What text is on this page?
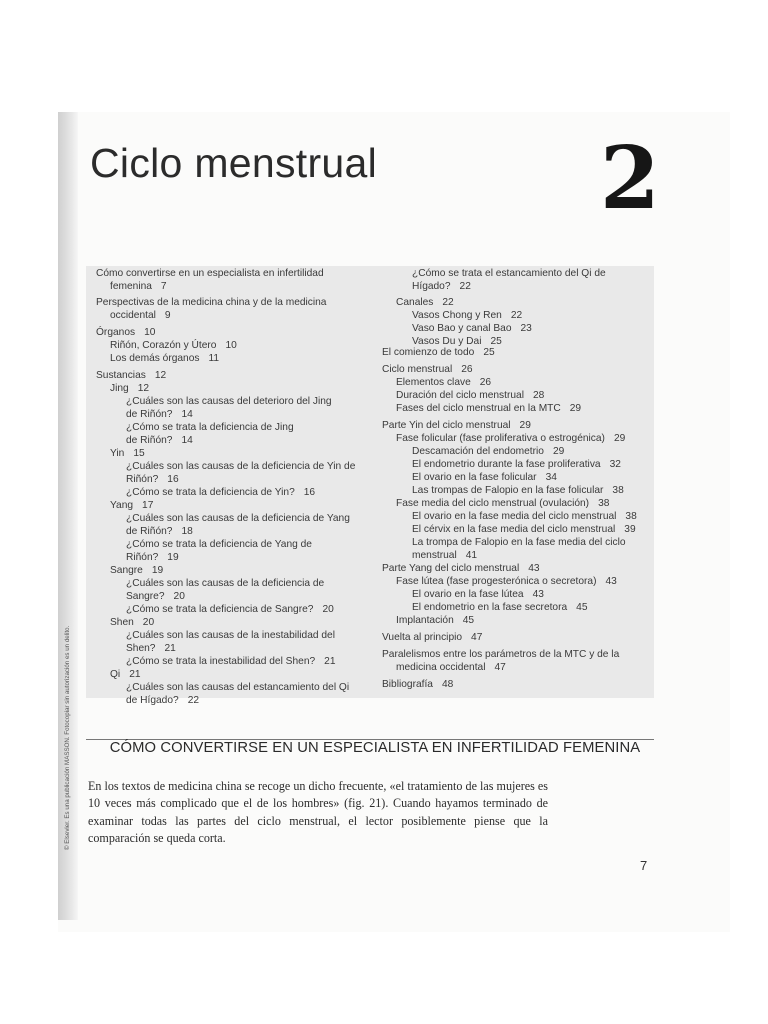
© Elsevier. Es una publicación MASSON. Fotocopiar sin autorización es un delito.
Ciclo menstrual	2
Cómo convertirse en un especialista en infertilidad
femenina 7
Perspectivas de la medicina china y de la medicina
occidental 9
Órganos 10
Riñón, Corazón y Útero 10
Los demás órganos 11
Sustancias 12
Jing 12
¿Cuáles son las causas del deterioro del Jing
de Riñón? 14
¿Cómo se trata la deficiencia de Jing
de Riñón? 14
Yin 15
¿Cuáles son las causas de la deficiencia de Yin de
Riñón? 16
¿Cómo se trata la deficiencia de Yin? 16
Yang 17
¿Cuáles son las causas de la deficiencia de Yang
de Riñón? 18
¿Cómo se trata la deficiencia de Yang de
Riñón? 19
Sangre 19
¿Cuáles son las causas de la deficiencia de
Sangre? 20
¿Cómo se trata la deficiencia de Sangre? 20
Shen 20
¿Cuáles son las causas de la inestabilidad del
Shen? 21
¿Cómo se trata la inestabilidad del Shen? 21
Qi 21
¿Cuáles son las causas del estancamiento del Qi
de Hígado? 22
¿Cómo se trata el estancamiento del Qi de
Hígado? 22
Canales 22
Vasos Chong y Ren 22
Vaso Bao y canal Bao 23
Vasos Du y Dai 25
El comienzo de todo 25
Ciclo menstrual 26
Elementos clave 26
Duración del ciclo menstrual 28
Fases del ciclo menstrual en la MTC 29
Parte Yin del ciclo menstrual 29
Fase folicular (fase proliferativa o estrogénica) 29
Descamación del endometrio 29
El endometrio durante la fase proliferativa 32
El ovario en la fase folicular 34
Las trompas de Falopio en la fase folicular 38
Fase media del ciclo menstrual (ovulación) 38
El ovario en la fase media del ciclo menstrual 38
El cérvix en la fase media del ciclo menstrual 39
La trompa de Falopio en la fase media del ciclo
menstrual 41
Parte Yang del ciclo menstrual 43
Fase lútea (fase progesterónica o secretora) 43
El ovario en la fase lútea 43
El endometrio en la fase secretora 45
Implantación 45
Vuelta al principio 47
Paralelismos entre los parámetros de la MTC y de la
medicina occidental 47
Bibliografía 48
CÓMO CONVERTIRSE EN UN ESPECIALISTA EN INFERTILIDAD FEMENINA

En los textos de medicina china se recoge un dicho frecuente, «el tratamiento de las mujeres es 10 veces más complicado que el de los hombres» (fig. 21). Cuando hayamos terminado de examinar todas las partes del ciclo menstrual, el lector posiblemente piense que la comparación se queda corta.

7
